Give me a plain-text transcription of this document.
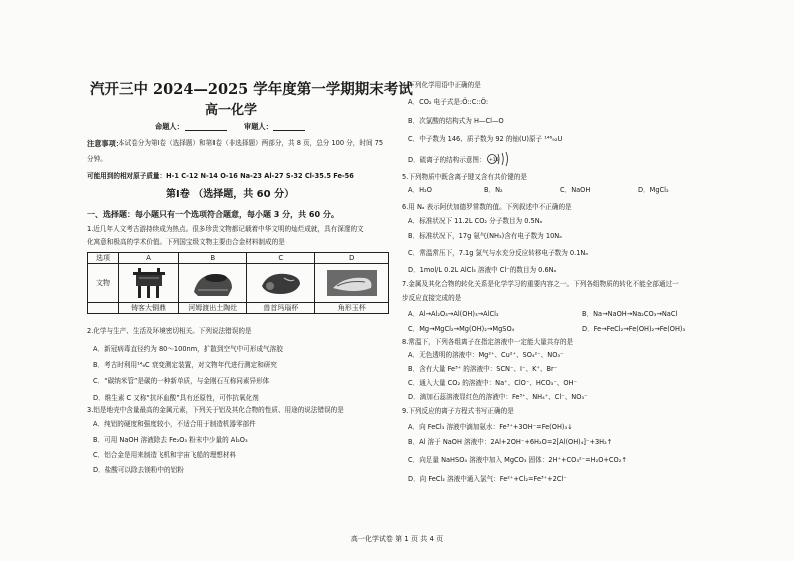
汽开三中 2024—2025 学年度第一学期期末考试
高一化学
命题人：	审题人：
注意事项：
本试卷分为第Ⅰ卷（选择题）和第Ⅱ卷（非选择题）两部分，共 8 页，总分 100 分，时间 75
分钟。
可能用到的相对原子质量：H-1 C-12 N-14 O-16 Na-23 Al-27 S-32 Cl-35.5 Fe-56
第Ⅰ卷 （选择题，共 60 分）
一、选择题：每小题只有一个选项符合题意，每小题 3 分，共 60 分。
1.近几年人文考古游持续成为热点。很多珍贵文物都记载着中华文明的灿烂成就，具有深邃的文
化寓意和极高的学术价值。下列国宝级文物主要由合金材料制成的是
选项	A	B	C	D
文物	

	铸客大铜鼎	河姆渡出土陶灶	兽首玛瑙杯	角形玉杯
2.化学与生产、生活及环境密切相关。下列说法错误的是
A．新冠病毒直径约为 80～100nm，扩散到空气中可形成气溶胶
B．考古时利用¹⁴₆C 衰变测定装置，对文物年代进行测定和研究
C．“碳纳米管”是碳的一种新单质，与金刚石互称同素异形体
D．维生素 C 又称“抗坏血酸”具有还原性，可作抗氧化剂
3.铝是地壳中含量最高的金属元素，下列关于铝及其化合物的性质、用途的说法错误的是
A．纯铝的硬度和强度较小，不适合用于制造机器零部件
B．可用 NaOH 溶液除去 Fe₂O₃ 粉末中少量的 Al₂O₃
C．铝合金是用来制造飞机和宇宙飞船的理想材料
D．盐酸可以除去镁粉中的铝粉
4.下列化学用语中正确的是
A．CO₂ 电子式是:Ö::C::Ö:
B．次氯酸的结构式为 H—Cl—O
C．中子数为 146、质子数为 92 的铀(U)原子 ¹⁴⁶₉₂U
D．硫离子的结构示意图： +16
5.下列物质中既含离子键又含有共价键的是
A．H₂O	B．N₂	C．NaOH	D．MgCl₂
6.用 Nₐ 表示阿伏加德罗常数的值。下列叙述中不正确的是
A．标准状况下 11.2L CO₂ 分子数目为 0.5Nₐ
B．标准状况下，17g 氨气(NH₃)含有电子数为 10Nₐ
C．常温常压下，7.1g 氯气与水充分反应转移电子数为 0.1Nₐ
D．1mol/L 0.2L AlCl₃ 溶液中 Cl⁻的数目为 0.6Nₐ
7.金属及其化合物的转化关系是化学学习的重要内容之一。下列各组物质的转化不能全部通过一
步反应直接完成的是
A．Al→Al₂O₃→Al(OH)₃→AlCl₃	B．Na→NaOH→Na₂CO₃→NaCl
C．Mg→MgCl₂→Mg(OH)₂→MgSO₄	D．Fe→FeCl₂→Fe(OH)₂→Fe(OH)₃
8.常温下，下列各组离子在指定溶液中一定能大量共存的是
A．无色透明的溶液中：Mg²⁺、Cu²⁺、SO₄²⁻、NO₃⁻
B．含有大量 Fe³⁺ 的溶液中：SCN⁻、I⁻、K⁺、Br⁻
C．通入大量 CO₂ 的溶液中：Na⁺、ClO⁻、HCO₃⁻、OH⁻
D．滴加石蕊溶液显红色的溶液中：Fe³⁺、NH₄⁺、Cl⁻、NO₃⁻
9.下列反应的离子方程式书写正确的是
A．向 FeCl₃ 溶液中滴加氨水：Fe³⁺+3OH⁻=Fe(OH)₃↓
B．Al 溶于 NaOH 溶液中：2Al+2OH⁻+6H₂O=2[Al(OH)₄]⁻+3H₂↑
C．向足量 NaHSO₄ 溶液中加入 MgCO₃ 固体：2H⁺+CO₃²⁻=H₂O+CO₂↑
D．向 FeCl₂ 溶液中通入氯气：Fe²⁺+Cl₂=Fe³⁺+2Cl⁻
高一化学试卷 第 1 页 共 4 页
